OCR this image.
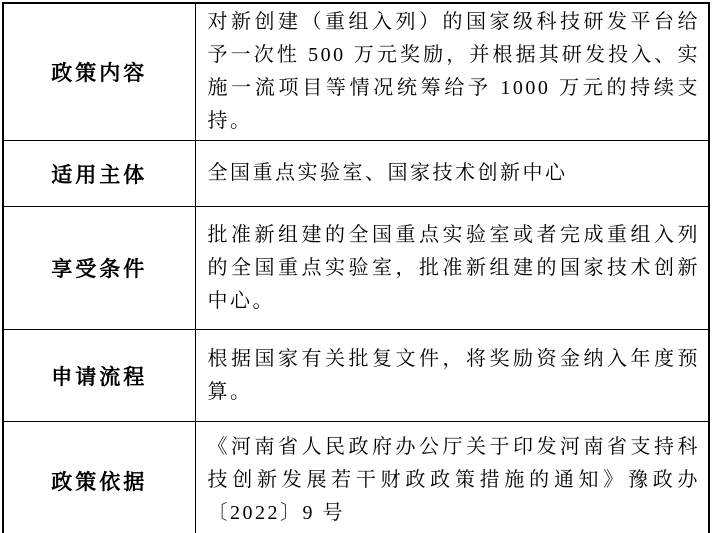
政策内容	对新创建（重组入列）的国家级科技研发平台给予一次性 500 万元奖励，并根据其研发投入、实施一流项目等情况统筹给予 1000 万元的持续支持。
适用主体	全国重点实验室、国家技术创新中心
享受条件	批准新组建的全国重点实验室或者完成重组入列的全国重点实验室，批准新组建的国家技术创新中心。
申请流程	根据国家有关批复文件，将奖励资金纳入年度预算。
政策依据	《河南省人民政府办公厅关于印发河南省支持科技创新发展若干财政政策措施的通知》豫政办〔2022〕9 号
